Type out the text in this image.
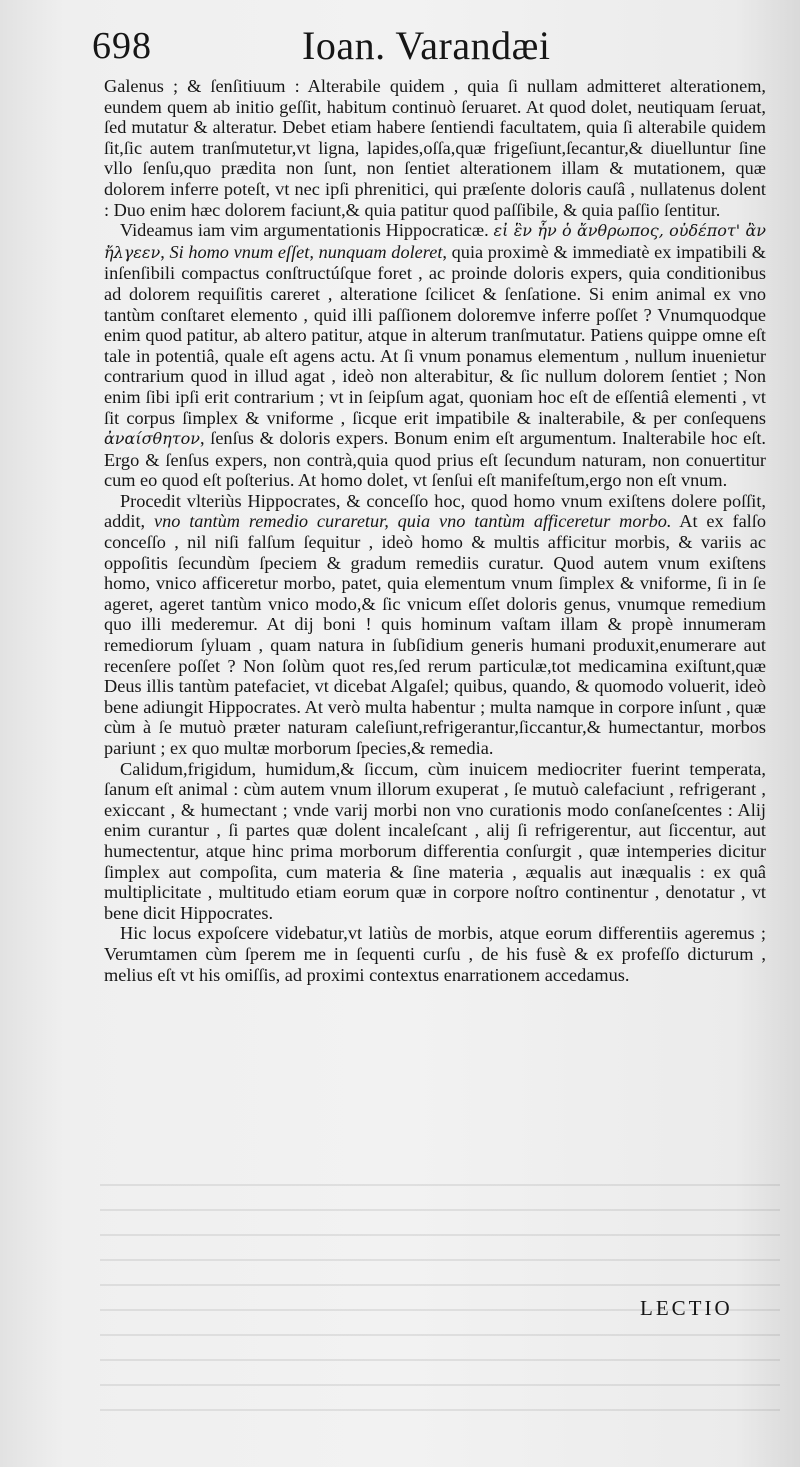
698	Ioan. Varandæi

Galenus ; & ſenſitiuum : Alterabile quidem , quia ſi nullam admitteret alterationem, eundem quem ab initio geſſit, habitum continuò ſeruaret. At quod dolet, neutiquam ſeruat, ſed mutatur & alteratur. Debet etiam habere ſentiendi facultatem, quia ſi alterabile quidem ſit,ſic autem tranſmutetur,vt ligna, lapides,oſſa,quæ frigeſiunt,ſecantur,& diuelluntur ſine vllo ſenſu,quo prædita non ſunt, non ſentiet alterationem illam & mutationem, quæ dolorem inferre poteſt, vt nec ipſi phrenitici, qui præſente doloris cauſâ , nullatenus dolent : Duo enim hæc dolorem faciunt,& quia patitur quod paſſibile, & quia paſſio ſentitur.

Videamus iam vim argumentationis Hippocraticæ. εἰ ἓν ἦν ὁ ἄνθρωπος, οὐδέποτ' ἂν ἤλγεεν, Si homo vnum eſſet, nunquam doleret, quia proximè & immediatè ex impatibili & inſenſibili compactus conſtructúſque foret , ac proinde doloris expers, quia conditionibus ad dolorem requiſitis careret , alteratione ſcilicet & ſenſatione. Si enim animal ex vno tantùm conſtaret elemento , quid illi paſſionem doloremve inferre poſſet ? Vnumquodque enim quod patitur, ab altero patitur, atque in alterum tranſmutatur. Patiens quippe omne eſt tale in potentiâ, quale eſt agens actu. At ſi vnum ponamus elementum , nullum inuenietur contrarium quod in illud agat , ideò non alterabitur, & ſic nullum dolorem ſentiet ; Non enim ſibi ipſi erit contrarium ; vt in ſeipſum agat, quoniam hoc eſt de eſſentiâ elementi , vt ſit corpus ſimplex & vniforme , ſicque erit impatibile & inalterabile, & per conſequens ἀναίσθητον, ſenſus & doloris expers. Bonum enim eſt argumentum. Inalterabile hoc eſt. Ergo & ſenſus expers, non contrà,quia quod prius eſt ſecundum naturam, non conuertitur cum eo quod eſt poſterius. At homo dolet, vt ſenſui eſt manifeſtum,ergo non eſt vnum.

Procedit vlteriùs Hippocrates, & conceſſo hoc, quod homo vnum exiſtens dolere poſſit, addit, vno tantùm remedio curaretur, quia vno tantùm afficeretur morbo. At ex falſo conceſſo , nil niſi falſum ſequitur , ideò homo & multis afficitur morbis, & variis ac oppoſitis ſecundùm ſpeciem & gradum remediis curatur. Quod autem vnum exiſtens homo, vnico afficeretur morbo, patet, quia elementum vnum ſimplex & vniforme, ſi in ſe ageret, ageret tantùm vnico modo,& ſic vnicum eſſet doloris genus, vnumque remedium quo illi mederemur. At dij boni ! quis hominum vaſtam illam & propè innumeram remediorum ſyluam , quam natura in ſubſidium generis humani produxit,enumerare aut recenſere poſſet ? Non ſolùm quot res,ſed rerum particulæ,tot medicamina exiſtunt,quæ Deus illis tantùm patefaciet, vt dicebat Algaſel; quibus, quando, & quomodo voluerit, ideò bene adiungit Hippocrates. At verò multa habentur ; multa namque in corpore inſunt , quæ cùm à ſe mutuò præter naturam caleſiunt,refrigerantur,ſiccantur,& humectantur, morbos pariunt ; ex quo multæ morborum ſpecies,& remedia.

Calidum,frigidum, humidum,& ſiccum, cùm inuicem mediocriter fuerint temperata, ſanum eſt animal : cùm autem vnum illorum exuperat , ſe mutuò calefaciunt , refrigerant , exiccant , & humectant ; vnde varij morbi non vno curationis modo conſaneſcentes : Alij enim curantur , ſi partes quæ dolent incaleſcant , alij ſi refrigerentur, aut ſiccentur, aut humectentur, atque hinc prima morborum differentia conſurgit , quæ intemperies dicitur ſimplex aut compoſita, cum materia & ſine materia , æqualis aut inæqualis : ex quâ multiplicitate , multitudo etiam eorum quæ in corpore noſtro continentur , denotatur , vt bene dicit Hippocrates.

Hic locus expoſcere videbatur,vt latiùs de morbis, atque eorum differentiis ageremus ; Verumtamen cùm ſperem me in ſequenti curſu , de his fusè & ex profeſſo dicturum , melius eſt vt his omiſſis, ad proximi contextus enarrationem accedamus.

LECTIO
